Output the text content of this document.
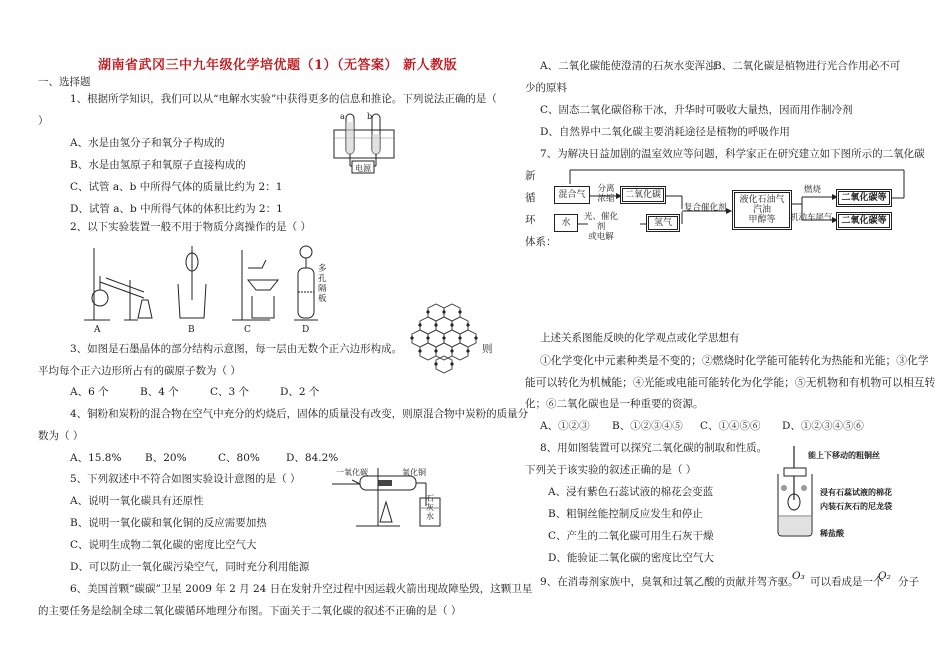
湖南省武冈三中九年级化学培优题（1）（无答案） 新人教版
一、选择题
1、根据所学知识，我们可以从“电解水实验”中获得更多的信息和推论。下列说法正确的是（
）
A、水是由氢分子和氧分子构成的
B、水是由氢原子和氧原子直接构成的
C、试管 a、b 中所得气体的质量比约为 2：1
D、试管 a、b 中所得气体的体积比约为 2：1
a	b
电源
2、以下实验装置一般不用于物质分离操作的是（ ）
A	B	C	D
多
孔
隔
板
3、如图是石墨晶体的部分结构示意图，每一层由无数个正六边形构成。	则
平均每个正六边形所占有的碳原子数为（ ）
A、6 个	B、4 个	C、3 个	D、2 个
4、铜粉和炭粉的混合物在空气中充分的灼烧后，固体的质量没有改变，则原混合物中炭粉的质量分
数为（ ）
A、15.8% B、20%	C、80% D、84.2%
5、下列叙述中不符合如图实验设计意图的是（ ）
A、说明一氧化碳具有还原性
B、说明一氧化碳和氧化铜的反应需要加热
C、说明生成物二氧化碳的密度比空气大
D、可以防止一氧化碳污染空气，同时充分利用能源
一氧化碳	氧化铜
石
灰
水
6、美国首颗“碳碳”卫星 2009 年 2 月 24 日在发射升空过程中因运载火箭出现故障坠毁，这颗卫星
的主要任务是绘制全球二氧化碳循环地理分布图。下面关于二氧化碳的叙述不正确的是（ ）
A、二氧化碳能使澄清的石灰水变浑浊
B、二氧化碳是植物进行光合作用必不可
少的原料
C、固态二氧化碳俗称干冰，升华时可吸收大量热，因而用作制冷剂
D、自然界中二氧化碳主要消耗途径是植物的呼吸作用
7、为解决日益加剧的温室效应等问题，科学家正在研究建立如下图所示的二氧化碳
新
循
环
体系：
混合气
分离
浓缩	二氧化碳
水
光、催化剂
或电解
氢气
复合催化剂
液化石油气
汽油
甲醇等
燃烧
机动车尾气
二氧化碳等
二氧化碳等
上述关系图能反映的化学观点或化学思想有
①化学变化中元素种类是不变的；②燃烧时化学能可能转化为热能和光能；③化学
能可以转化为机械能；④光能或电能可能转化为化学能；⑤无机物和有机物可以相互转
化；⑥二氧化碳也是一种重要的资源。
A、①②③ B、①②③④⑤ C、①④⑤⑥ D、①②③④⑤⑥
8、用如图装置可以探究二氧化碳的制取和性质。
下列关于该实验的叙述正确的是（ ）
A、浸有紫色石蕊试液的棉花会变蓝
B、粗铜丝能控制反应发生和停止
C、产生的二氧化碳可用生石灰干燥
D、能验证二氧化碳的密度比空气大
能上下移动的粗铜丝
浸有石蕊试液的棉花
内装石灰石的尼龙袋
稀盐酸
9、在消毒剂家族中，臭氧和过氧乙酸的贡献并驾齐驱。
O₃ 可以看成是一个
O₂ 分子
